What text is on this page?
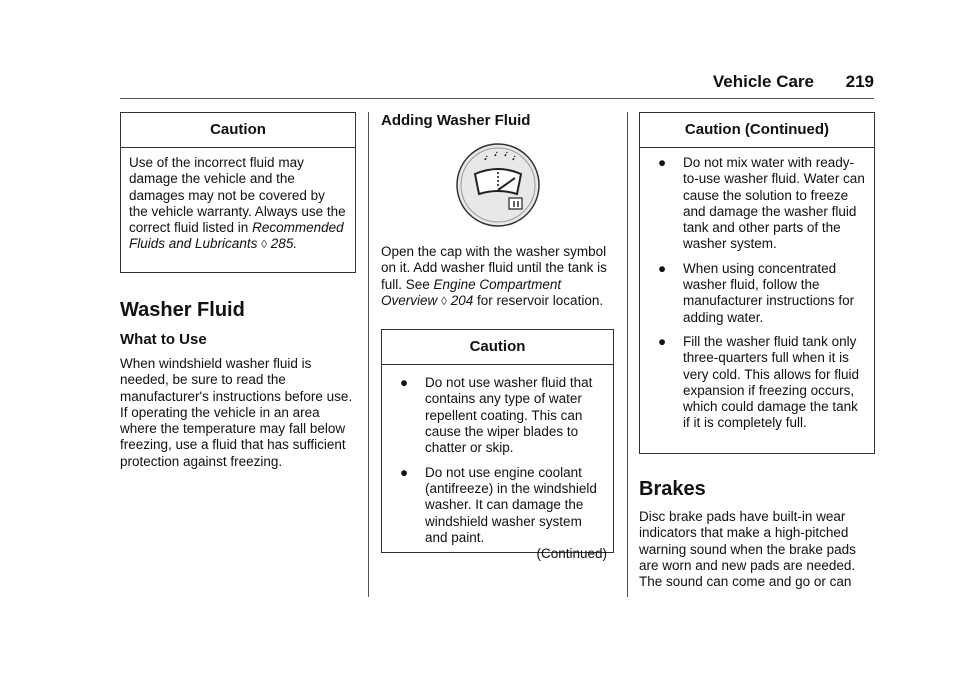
Vehicle Care 219
Caution

Use of the incorrect fluid may damage the vehicle and the damages may not be covered by the vehicle warranty. Always use the correct fluid listed in Recommended Fluids and Lubricants ◊ 285.

Washer Fluid
What to Use

When windshield washer fluid is needed, be sure to read the manufacturer's instructions before use. If operating the vehicle in an area where the temperature may fall below freezing, use a fluid that has sufficient protection against freezing.

Adding Washer Fluid

Open the cap with the washer symbol on it. Add washer fluid until the tank is full. See Engine Compartment Overview ◊ 204 for reservoir location.

Caution
● Do not use washer fluid that contains any type of water repellent coating. This can cause the wiper blades to chatter or skip.
● Do not use engine coolant (antifreeze) in the windshield washer. It can damage the windshield washer system and paint.
(Continued)
Caution (Continued)
● Do not mix water with ready-to-use washer fluid. Water can cause the solution to freeze and damage the washer fluid tank and other parts of the washer system.
● When using concentrated washer fluid, follow the manufacturer instructions for adding water.
● Fill the washer fluid tank only three-quarters full when it is very cold. This allows for fluid expansion if freezing occurs, which could damage the tank if it is completely full.
Brakes

Disc brake pads have built-in wear indicators that make a high-pitched warning sound when the brake pads are worn and new pads are needed. The sound can come and go or can
